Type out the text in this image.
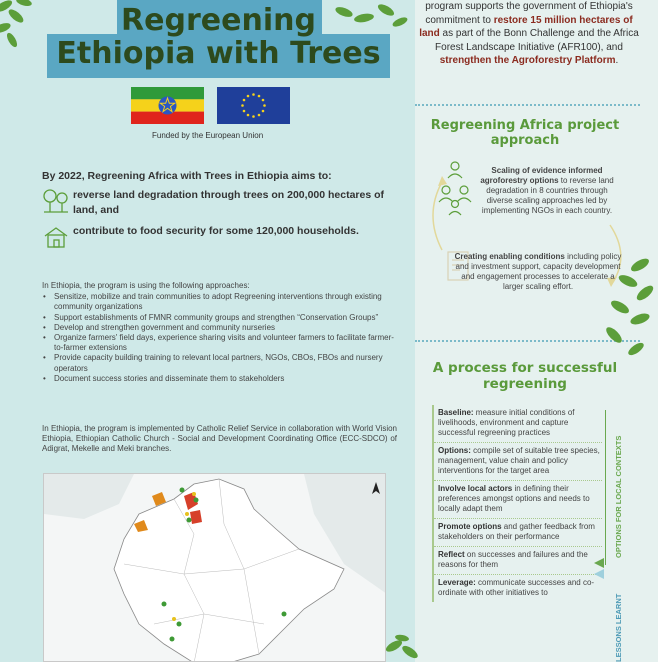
Regreening
Ethiopia with Trees
Funded by the European Union
By 2022, Regreening Africa with Trees in Ethiopia aims to:
reverse land degradation through trees on 200,000 hectares of land, and
contribute to food security for some 120,000 households.
In Ethiopia, the program is using the following approaches:
• Sensitize, mobilize and train communities to adopt Regreening interventions through existing community organizations
• Support establishments of FMNR community groups and strengthen “Conservation Groups”
• Develop and strengthen government and community nurseries
• Organize farmers' field days, experience sharing visits and volunteer farmers to facilitate farmer-to-farmer extensions
• Provide capacity building training to relevant local partners, NGOs, CBOs, FBOs and nursery operators
• Document success stories and disseminate them to stakeholders
In Ethiopia, the program is implemented by Catholic Relief Service in collaboration with World Vision Ethiopia, Ethiopian Catholic Church - Social and Development Coordinating Office (ECC-SDCO) of Adigrat, Mekelle and Meki branches.
program supports the government of Ethiopia's commitment to restore 15 million hectares of land as part of the Bonn Challenge and the Africa Forest Landscape Initiative (AFR100), and strengthen the Agroforestry Platform.
Regreening Africa project approach
Scaling of evidence informed agroforestry options to reverse land degradation in 8 countries through diverse scaling approaches led by implementing NGOs in each country.
Creating enabling conditions including policy and investment support, capacity development and engagement processes to accelerate a larger scaling effort.
A process for successful regreening
Baseline: measure initial conditions of livelihoods, environment and capture successful regreening practices
Options: compile set of suitable tree species, management, value chain and policy interventions for the target area
Involve local actors in defining their preferences amongst options and needs to locally adapt them
Promote options and gather feedback from stakeholders on their performance
Reflect on successes and failures and the reasons for them
Leverage: communicate successes and co-ordinate with other initiatives to
OPTIONS FOR LOCAL CONTEXTS
LESSONS LEARNT
